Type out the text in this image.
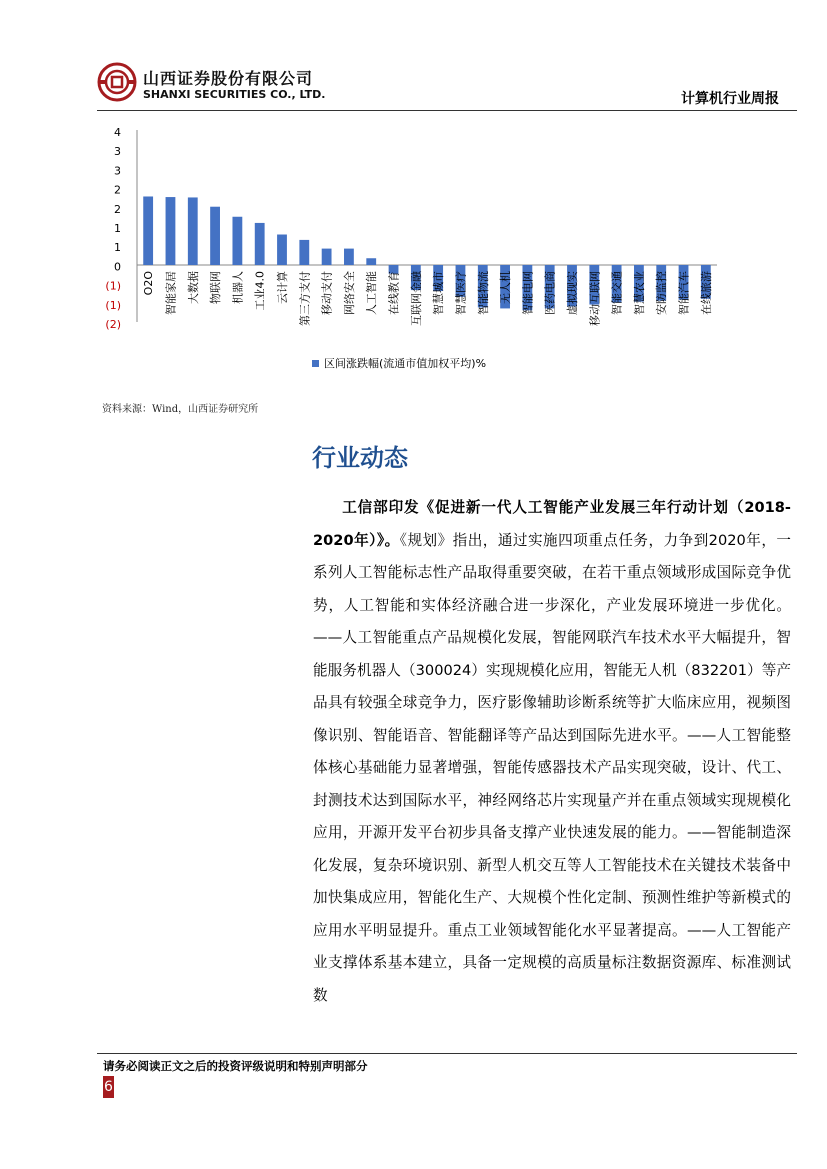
山西证券股份有限公司
SHANXI SECURITIES CO., LTD.	计算机行业周报
4
3
3
2
2
1
1
0
(1)
(1)
(2)
O2O 智能家居 大数据 物联网 机器人 工业4.0 云计算 第三方支付 移动支付 网络安全 人工智能 在线教育 互联网金融 智慧城市 智慧医疗 智能物流 无人机 智能电网 医药电商 虚拟现实 移动互联网 智能交通 智慧农业 安防监控 智能汽车 在线旅游
区间涨跌幅(流通市值加权平均)%
资料来源：Wind，山西证券研究所
行业动态

工信部印发《促进新一代人工智能产业发展三年行动计划（2018-2020年）》。《规划》指出，通过实施四项重点任务，力争到2020年，一系列人工智能标志性产品取得重要突破，在若干重点领域形成国际竞争优势，人工智能和实体经济融合进一步深化，产业发展环境进一步优化。——人工智能重点产品规模化发展，智能网联汽车技术水平大幅提升，智能服务机器人（300024）实现规模化应用，智能无人机（832201）等产品具有较强全球竞争力，医疗影像辅助诊断系统等扩大临床应用，视频图像识别、智能语音、智能翻译等产品达到国际先进水平。——人工智能整体核心基础能力显著增强，智能传感器技术产品实现突破，设计、代工、封测技术达到国际水平，神经网络芯片实现量产并在重点领域实现规模化应用，开源开发平台初步具备支撑产业快速发展的能力。——智能制造深化发展，复杂环境识别、新型人机交互等人工智能技术在关键技术装备中加快集成应用，智能化生产、大规模个性化定制、预测性维护等新模式的应用水平明显提升。重点工业领域智能化水平显著提高。——人工智能产业支撑体系基本建立，具备一定规模的高质量标注数据资源库、标准测试数

请务必阅读正文之后的投资评级说明和特别声明部分
6
